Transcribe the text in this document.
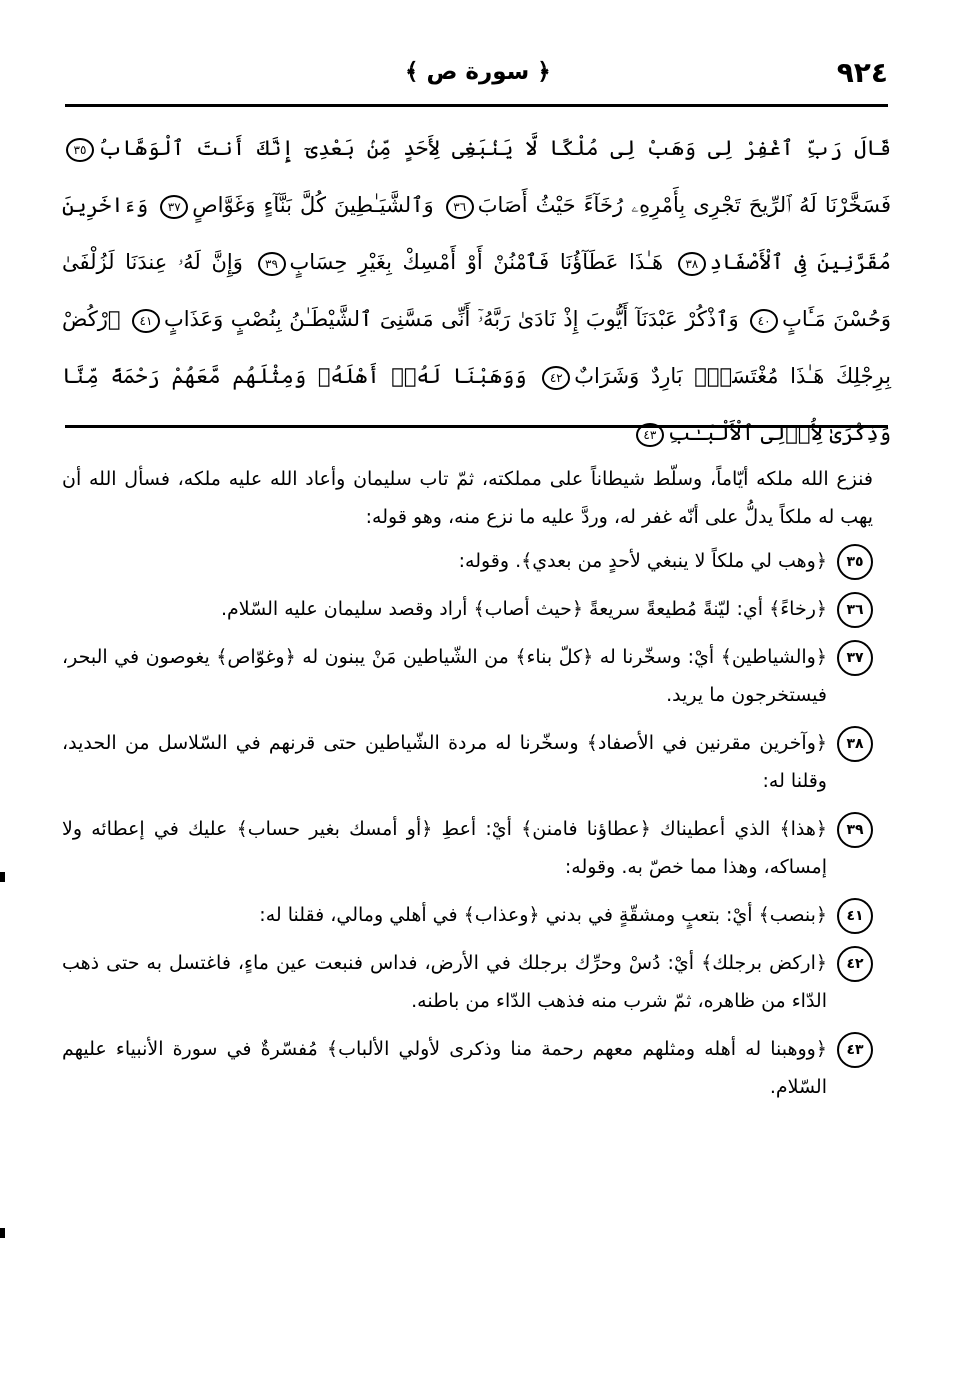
٩٢٤
﴿ سورة ص ﴾
قَالَ رَبِّ ٱغْفِرْ لِى وَهَبْ لِى مُلْكًا لَّا يَنۢبَغِى لِأَحَدٍ مِّنۢ بَعْدِىٓ إِنَّكَ أَنتَ ٱلْوَهَّابُ٣٥ فَسَخَّرْنَا لَهُ ٱلرِّيحَ تَجْرِى بِأَمْرِهِۦ رُخَآءً حَيْثُ أَصَابَ٣٦ وَٱلشَّيَـٰطِينَ كُلَّ بَنَّآءٍ وَغَوَّاصٍ٣٧ وَءَاخَرِينَ مُقَرَّنِينَ فِى ٱلْأَصْفَادِ٣٨ هَـٰذَا عَطَآؤُنَا فَٱمْنُنْ أَوْ أَمْسِكْ بِغَيْرِ حِسَابٍ٣٩ وَإِنَّ لَهُۥ عِندَنَا لَزُلْفَىٰ وَحُسْنَ مَـَٔابٍ٤٠ وَٱذْكُرْ عَبْدَنَآ أَيُّوبَ إِذْ نَادَىٰ رَبَّهُۥٓ أَنِّى مَسَّنِىَ ٱلشَّيْطَـٰنُ بِنُصْبٍ وَعَذَابٍ٤١ ٱرْكُضْ بِرِجْلِكَ هَـٰذَا مُغْتَسَلٌۢ بَارِدٌ وَشَرَابٌ٤٢ وَوَهَبْنَا لَهُۥٓ أَهْلَهُۥ وَمِثْلَهُم مَّعَهُمْ رَحْمَةً مِّنَّا وَذِكْرَىٰ لِأُو۟لِى ٱلْأَلْبَـٰبِ٤٣

فنزع الله ملكه أيّاماً، وسلّط شيطاناً على مملكته، ثمّ تاب سليمان وأعاد الله عليه ملكه، فسأل الله أن يهب له ملكاً يدلُّ على أنّه غفر له، وردَّ عليه ما نزع منه، وهو قوله:

٣٥
﴿وهب لي ملكاً لا ينبغي لأحدٍ من بعدي﴾. وقوله:
٣٦
﴿رخاءً﴾ أي: ليّنةً مُطيعةً سريعةً ﴿حيث أصاب﴾ أراد وقصد سليمان عليه السّلام.
٣٧
﴿والشياطين﴾ أيْ: وسخّرنا له ﴿كلّ بناء﴾ من الشّياطين مَنْ يبنون له ﴿وغوّاص﴾ يغوصون في البحر، فيستخرجون ما يريد.
٣٨
﴿وآخرين مقرنين في الأصفاد﴾ وسخّرنا له مردة الشّياطين حتى قرنهم في السّلاسل من الحديد، وقلنا له:
٣٩
﴿هذا﴾ الذي أعطيناك ﴿عطاؤنا فامنن﴾ أيْ: أعطِ ﴿أو أمسك بغير حساب﴾ عليك في إعطائه ولا إمساكه، وهذا مما خصّ به. وقوله:
٤١
﴿بنصب﴾ أيْ: بتعبٍ ومشقّةٍ في بدني ﴿وعذاب﴾ في أهلي ومالي، فقلنا له:
٤٢
﴿اركض برجلك﴾ أيْ: دُسْ وحرِّك برجلك في الأرض، فداس فنبعت عين ماءٍ، فاغتسل به حتى ذهب الدّاء من ظاهره، ثمّ شرب منه فذهب الدّاء من باطنه.
٤٣
﴿ووهبنا له أهله ومثلهم معهم رحمة منا وذكرى لأولي الألباب﴾ مُفسّرةٌ في سورة الأنبياء عليهم السّلام.
